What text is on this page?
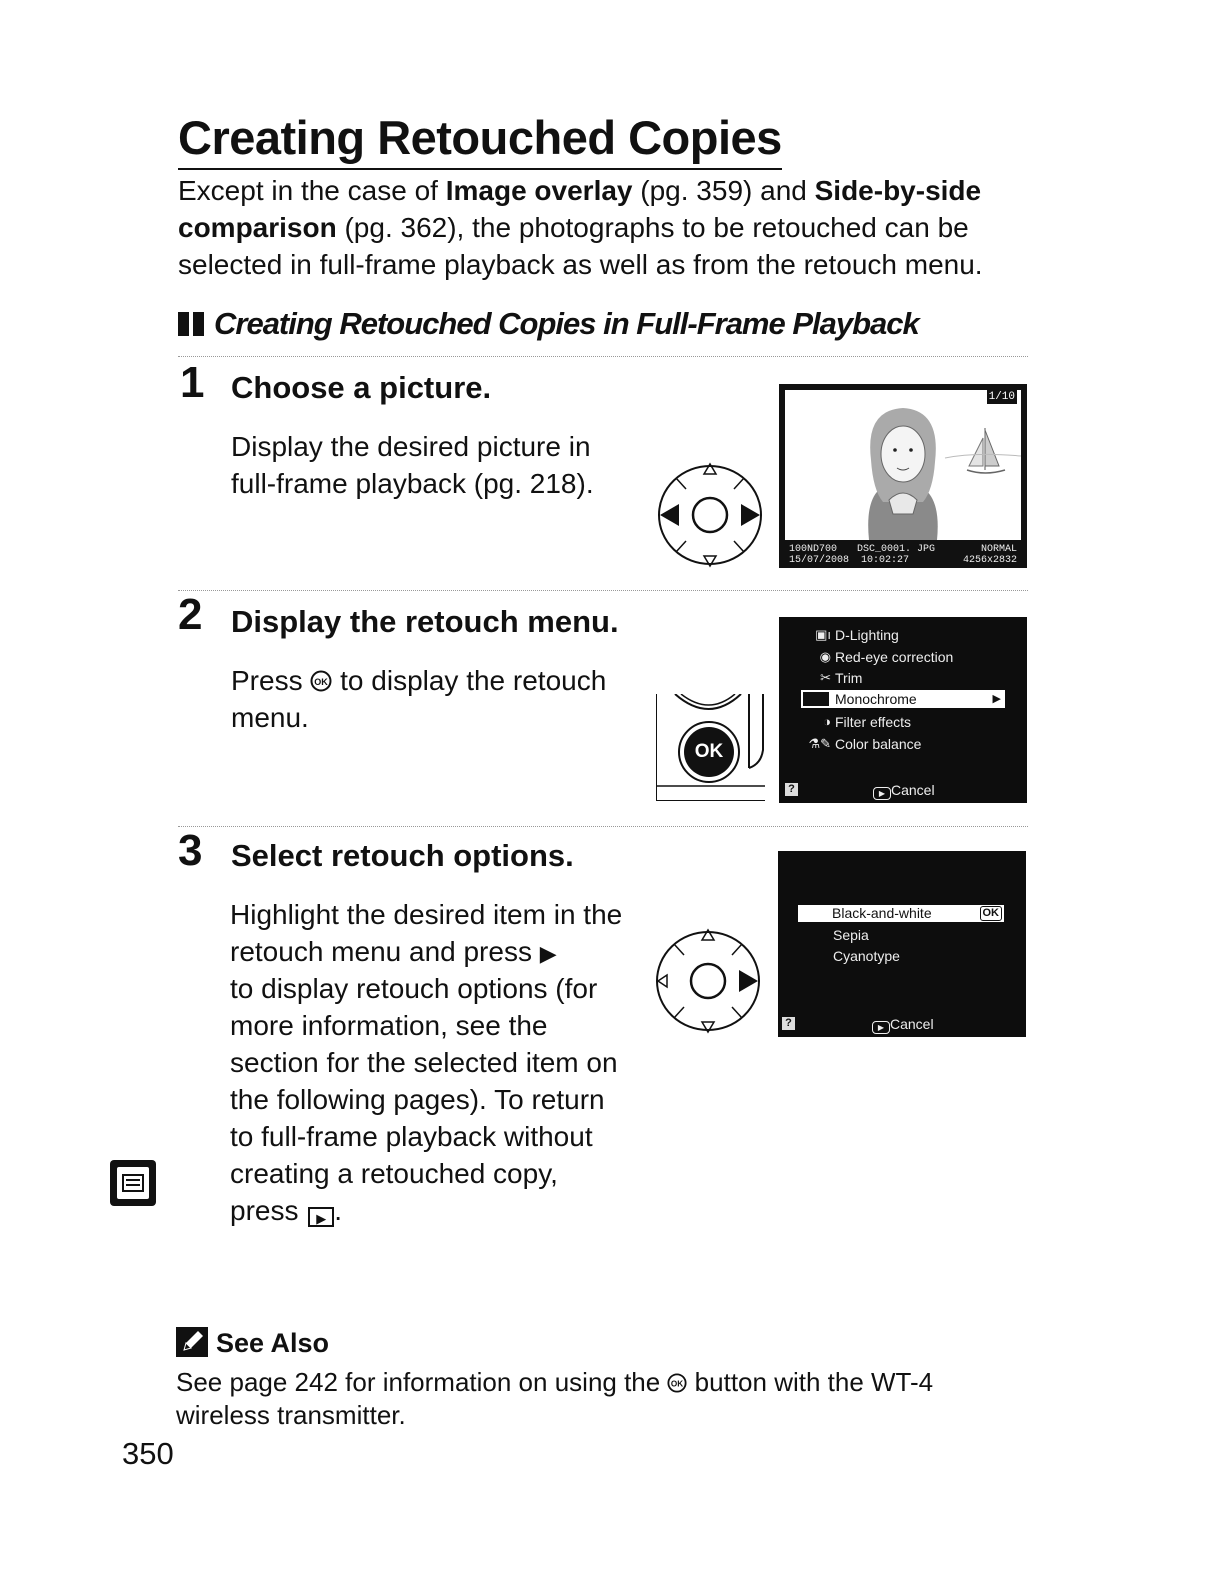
Creating Retouched Copies
Except in the case of Image overlay (pg. 359) and Side-by-side comparison (pg. 362), the photographs to be retouched can be selected in full-frame playback as well as from the retouch menu.
Creating Retouched Copies in Full-Frame Playback
1 Choose a picture.
Display the desired picture in full-frame playback (pg. 218).
1/10
100ND700 DSC_0001. JPG	NORMAL
15/07/2008 10:02:27	4256x2832
2 Display the retouch menu.
Press OK to display the retouch menu.
OK
▣ı D-Lighting
◉ Red-eye correction
✂ Trim
Monochrome	▶
◑ Filter effects
⚗✎ Color balance
?	▶ Cancel
3 Select retouch options.
Highlight the desired item in the retouch menu and press ▶
to display retouch options (for more information, see the section for the selected item on the following pages). To return to full-frame playback without creating a retouched copy, press ▶ .
Black-and-white	OK
Sepia
Cyanotype
?	▶ Cancel
See Also
See page 242 for information on using the OK button with the WT-4 wireless transmitter.
350
